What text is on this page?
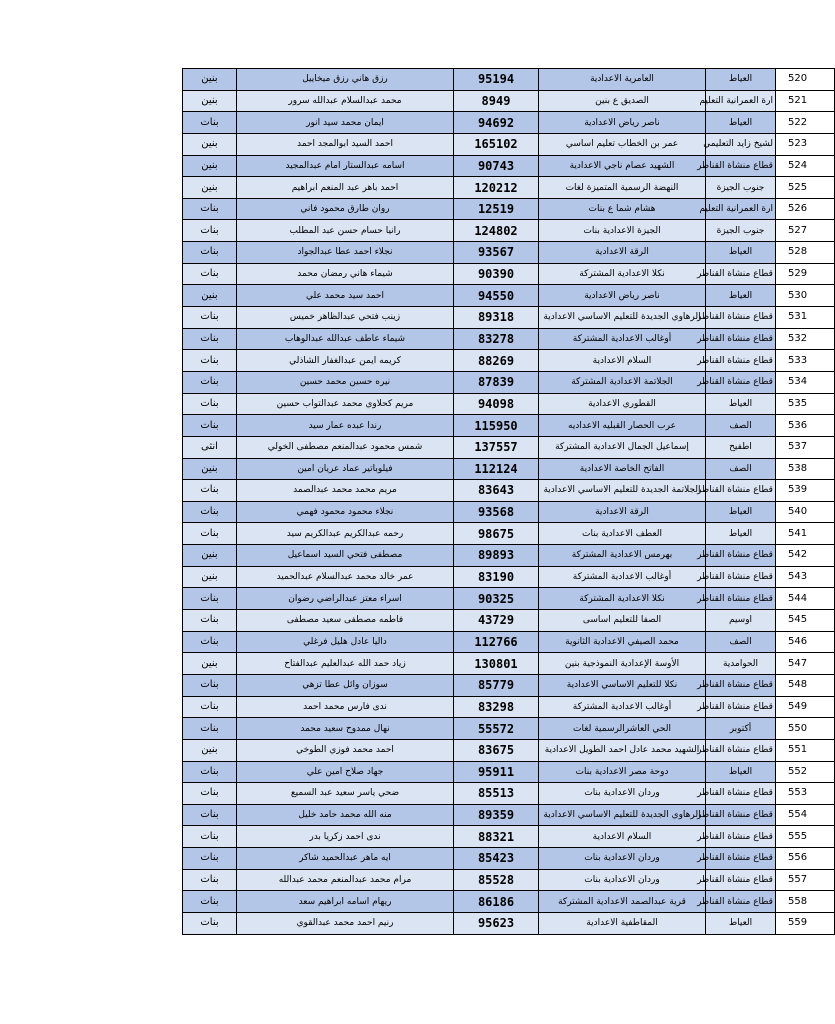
بنين	رزق هاني رزق ميخاييل	95194	العامرية الاعدادية	العياط	520
بنين	محمد عبدالسلام عبدالله سرور	8949	الصديق ع بنين	ارة العمرانية التعليم	521
بنات	ايمان محمد سيد انور	94692	ناصر رياض الاعدادية	العياط	522
بنين	احمد السيد ابوالمجد احمد	165102	عمر بن الخطاب تعليم اساسي	لشيخ زايد التعليمي	523
بنين	اسامه عبدالستار امام عبدالمجيد	90743	الشهيد عصام ناجي الاعدادية	قطاع منشاة القناطر	524
بنين	احمد باهر عبد المنعم ابراهيم	120212	النهضة الرسمية المتميزة لغات	جنوب الجيزة	525
بنات	روان طارق محمود فاني	12519	هشام شما ع بنات	ارة العمرانية التعليم	526
بنات	رانيا حسام حسن عبد المطلب	124802	الجيزة الاعدادية بنات	جنوب الجيزة	527
بنات	نجلاء احمد عطا عبدالجواد	93567	الرقة الاعدادية	العياط	528
بنات	شيماء هاني رمضان محمد	90390	نكلا الاعدادية المشتركة	قطاع منشاة القناطر	529
بنين	احمد سيد محمد علي	94550	ناصر رياض الاعدادية	العياط	530
بنات	زينب فتحي عبدالظاهر خميس	89318	الرهاوي الجديدة للتعليم الاساسي الاعدادية	قطاع منشاة القناطر	531
بنات	شيماء عاطف عبدالله عبدالوهاب	83278	أوغالب الاعدادية المشتركة	قطاع منشاة القناطر	532
بنات	كريمه ايمن عبدالغفار الشاذلي	88269	السلام الاعدادية	قطاع منشاة القناطر	533
بنات	نيره حسين محمد حسين	87839	الجلاتمة الاعدادية المشتركة	قطاع منشاة القناطر	534
بنات	مريم كحلاوي محمد عبدالتواب حسين	94098	القطوري الاعدادية	العياط	535
بنات	رندا عبده عمار سيد	115950	عرب الحصار القبليه الاعداديه	الصف	536
انثى	شمس محمود عبدالمنعم مصطفى الخولي	137557	إسماعيل الجمال الاعدادية المشتركة	اطفيح	537
بنين	فيلوباتير عماد عريان امين	112124	الفاتح الخاصة الاعدادية	الصف	538
بنات	مريم محمد محمد عبدالصمد	83643	الجلاتمة الجديدة للتعليم الاساسي الاعدادية	قطاع منشاة القناطر	539
بنات	نجلاء محمود محمود فهمي	93568	الرقة الاعدادية	العياط	540
بنات	رحمه عبدالكريم عبدالكريم سيد	98675	العطف الاعدادية بنات	العياط	541
بنين	مصطفى فتحي السيد اسماعيل	89893	بهرمس الاعدادية المشتركة	قطاع منشاة القناطر	542
بنين	عمر خالد محمد عبدالسلام عبدالحميد	83190	أوغالب الاعدادية المشتركة	قطاع منشاة القناطر	543
بنات	اسراء معتز عبدالراضي رضوان	90325	نكلا الاعدادية المشتركة	قطاع منشاة القناطر	544
بنات	فاطمه مصطفى سعيد مصطفى	43729	الصفا للتعليم اساسى	اوسيم	545
بنات	داليا عادل هليل فرغلي	112766	محمد الصيفي الاعدادية الثانوية	الصف	546
بنين	زياد حمد الله عبدالعليم عبدالفتاح	130801	الأوسة الإعدادية النموذجية بنين	الحوامدية	547
بنات	سوزان وائل عطا تزهي	85779	نكلا للتعليم الاساسي الاعدادية	قطاع منشاة القناطر	548
بنات	ندى فارس محمد احمد	83298	أوغالب الاعدادية المشتركة	قطاع منشاة القناطر	549
بنات	نهال ممدوح سعيد محمد	55572	الحي العاشرالرسمية لغات	أكتوبر	550
بنين	احمد محمد فوزي الطوخي	83675	الشهيد محمد عادل احمد الطويل الاعدادية	قطاع منشاة القناطر	551
بنات	جهاد صلاح امين علي	95911	دوحة مصر الاعدادية بنات	العياط	552
بنات	ضحي ياسر سعيد عبد السميع	85513	وردان الاعدادية بنات	قطاع منشاة القناطر	553
بنات	منه الله محمد حامد خليل	89359	الرهاوي الجديدة للتعليم الاساسي الاعدادية	قطاع منشاة القناطر	554
بنات	ندى احمد زكريا بدر	88321	السلام الاعدادية	قطاع منشاة القناطر	555
بنات	ايه ماهر عبدالحميد شاكر	85423	وردان الاعدادية بنات	قطاع منشاة القناطر	556
بنات	مرام محمد عبدالمنعم محمد عبدالله	85528	وردان الاعدادية بنات	قطاع منشاة القناطر	557
بنات	ريهام اسامه ابراهيم سعد	86186	قرية عبدالصمد الاعدادية المشتركة	قطاع منشاة القناطر	558
بنات	رنيم احمد محمد عبدالقوي	95623	المقاطفية الاعدادية	العياط	559
